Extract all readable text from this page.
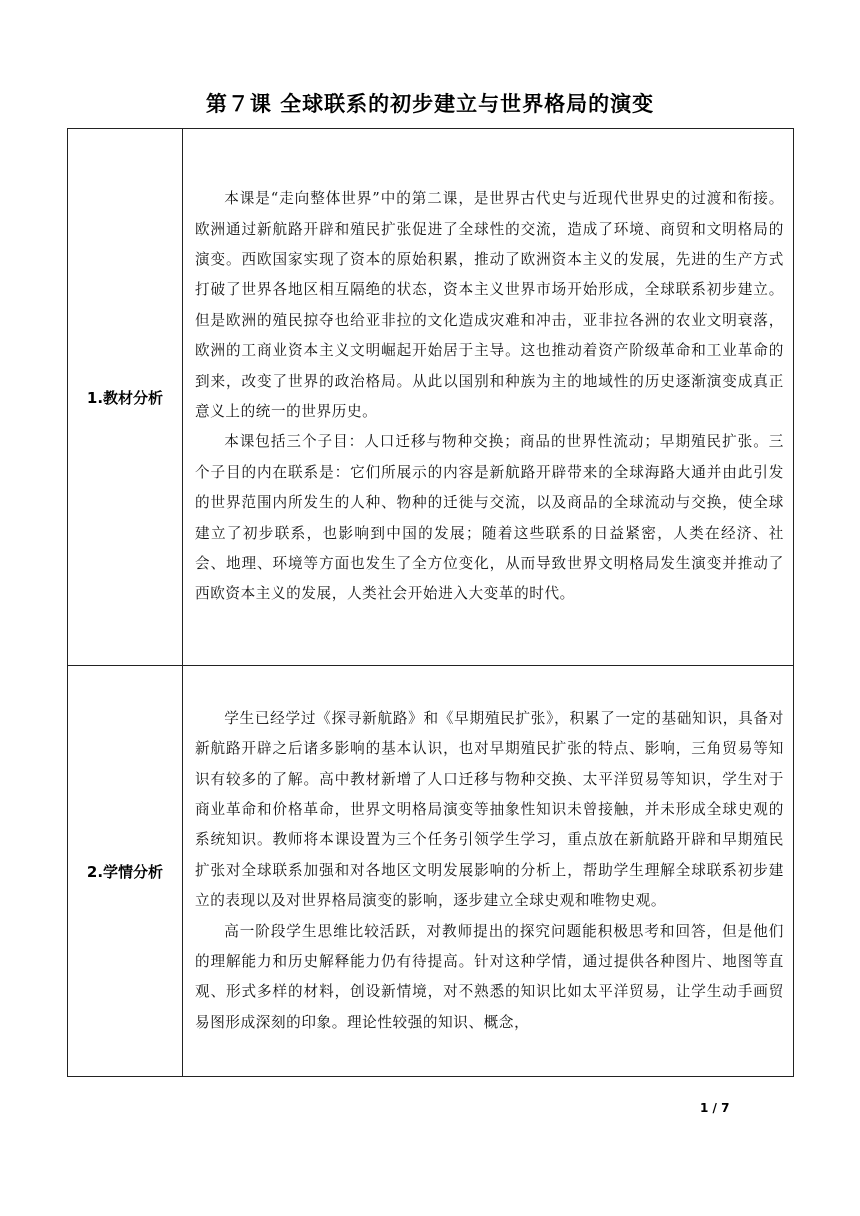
第７课 全球联系的初步建立与世界格局的演变
1.教材分析	本课是“走向整体世界”中的第二课，是世界古代史与近现代世界史的过渡和衔接。欧洲通过新航路开辟和殖民扩张促进了全球性的交流，造成了环境、商贸和文明格局的演变。西欧国家实现了资本的原始积累，推动了欧洲资本主义的发展，先进的生产方式打破了世界各地区相互隔绝的状态，资本主义世界市场开始形成，全球联系初步建立。但是欧洲的殖民掠夺也给亚非拉的文化造成灾难和冲击，亚非拉各洲的农业文明衰落，欧洲的工商业资本主义文明崛起开始居于主导。这也推动着资产阶级革命和工业革命的到来，改变了世界的政治格局。从此以国别和种族为主的地域性的历史逐渐演变成真正意义上的统一的世界历史。

本课包括三个子目：人口迁移与物种交换；商品的世界性流动；早期殖民扩张。三个子目的内在联系是：它们所展示的内容是新航路开辟带来的全球海路大通并由此引发的世界范围内所发生的人种、物种的迁徙与交流，以及商品的全球流动与交换，使全球建立了初步联系，也影响到中国的发展；随着这些联系的日益紧密，人类在经济、社会、地理、环境等方面也发生了全方位变化，从而导致世界文明格局发生演变并推动了西欧资本主义的发展，人类社会开始进入大变革的时代。

2.学情分析	学生已经学过《探寻新航路》和《早期殖民扩张》，积累了一定的基础知识，具备对新航路开辟之后诸多影响的基本认识，也对早期殖民扩张的特点、影响，三角贸易等知识有较多的了解。高中教材新增了人口迁移与物种交换、太平洋贸易等知识，学生对于商业革命和价格革命，世界文明格局演变等抽象性知识未曾接触，并未形成全球史观的系统知识。教师将本课设置为三个任务引领学生学习，重点放在新航路开辟和早期殖民扩张对全球联系加强和对各地区文明发展影响的分析上，帮助学生理解全球联系初步建立的表现以及对世界格局演变的影响，逐步建立全球史观和唯物史观。

高一阶段学生思维比较活跃，对教师提出的探究问题能积极思考和回答，但是他们的理解能力和历史解释能力仍有待提高。针对这种学情，通过提供各种图片、地图等直观、形式多样的材料，创设新情境，对不熟悉的知识比如太平洋贸易，让学生动手画贸易图形成深刻的印象。理论性较强的知识、概念，

1 / 7
